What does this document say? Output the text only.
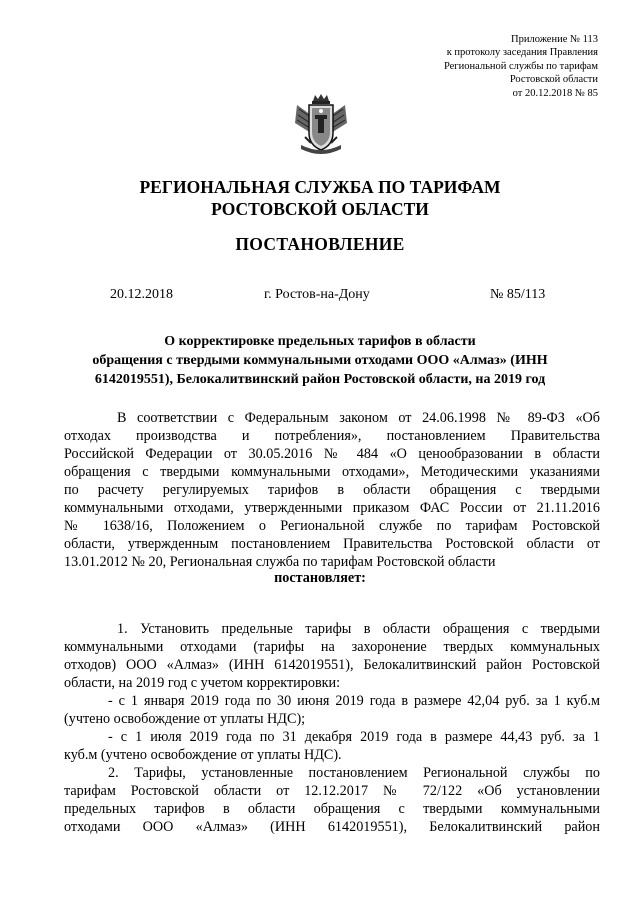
Приложение № 113
к протоколу заседания Правления
Региональной службы по тарифам
Ростовской области
от 20.12.2018 № 85
РЕГИОНАЛЬНАЯ СЛУЖБА ПО ТАРИФАМ
РОСТОВСКОЙ ОБЛАСТИ
ПОСТАНОВЛЕНИЕ
20.12.2018	г. Ростов-на-Дону	№ 85/113
О корректировке предельных тарифов в области
обращения с твердыми коммунальными отходами ООО «Алмаз» (ИНН
6142019551), Белокалитвинский район Ростовской области, на 2019 год
В соответствии с Федеральным законом от 24.06.1998 № 89-ФЗ «Об
отходах производства и потребления», постановлением Правительства
Российской Федерации от 30.05.2016 № 484 «О ценообразовании в области
обращения с твердыми коммунальными отходами», Методическими указаниями
по расчету регулируемых тарифов в области обращения с твердыми
коммунальными отходами, утвержденными приказом ФАС России от 21.11.2016
№ 1638/16, Положением о Региональной службе по тарифам Ростовской
области, утвержденным постановлением Правительства Ростовской области от
13.01.2012 № 20, Региональная служба по тарифам Ростовской области
постановляет:
1. Установить предельные тарифы в области обращения с твердыми
коммунальными отходами (тарифы на захоронение твердых коммунальных
отходов) ООО «Алмаз» (ИНН 6142019551), Белокалитвинский район Ростовской
области, на 2019 год с учетом корректировки:
- с 1 января 2019 года по 30 июня 2019 года в размере 42,04 руб. за 1 куб.м
(учтено освобождение от уплаты НДС);
- с 1 июля 2019 года по 31 декабря 2019 года в размере 44,43 руб. за 1
куб.м (учтено освобождение от уплаты НДС).
2. Тарифы, установленные постановлением Региональной службы по
тарифам Ростовской области от 12.12.2017 № 72/122 «Об установлении
предельных тарифов в области обращения с твердыми коммунальными
отходами ООО «Алмаз» (ИНН 6142019551), Белокалитвинский район
